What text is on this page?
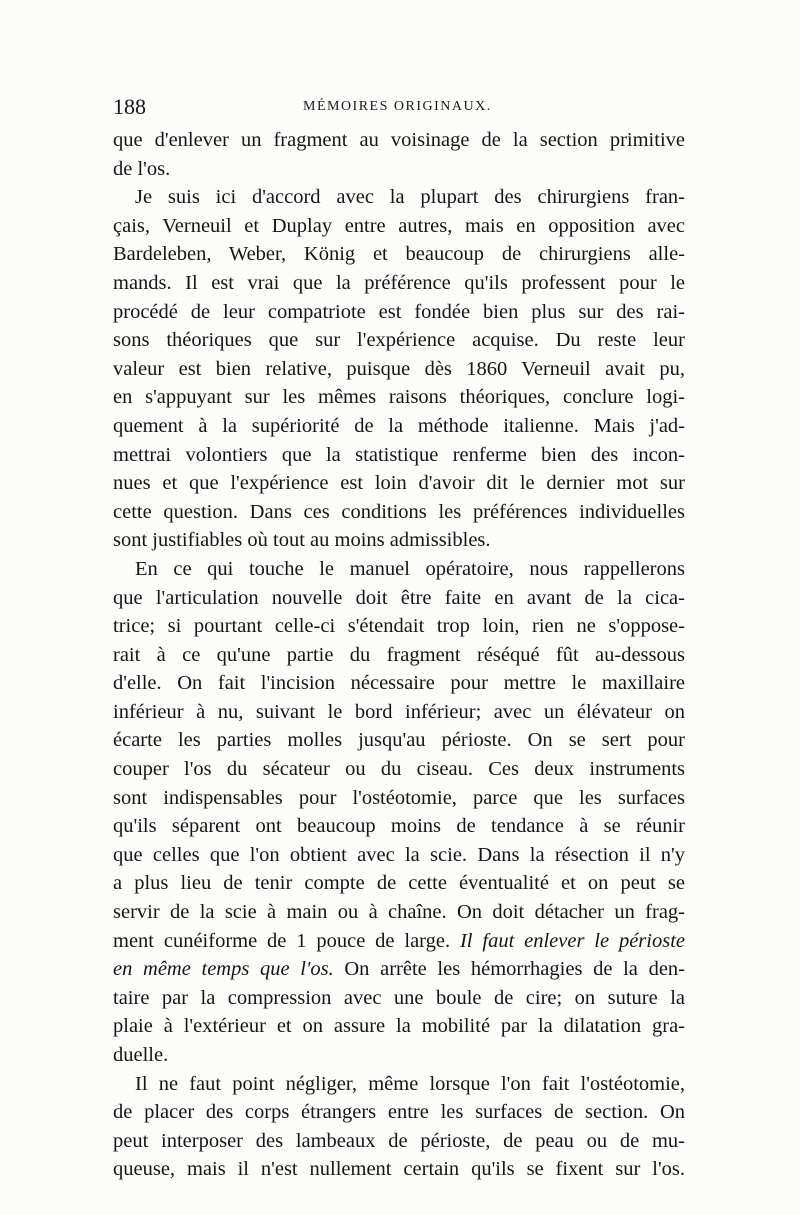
188	MÉMOIRES ORIGINAUX.
que d'enlever un fragment au voisinage de la section primitive
de l'os.
Je suis ici d'accord avec la plupart des chirurgiens fran-
çais, Verneuil et Duplay entre autres, mais en opposition avec
Bardeleben, Weber, König et beaucoup de chirurgiens alle-
mands. Il est vrai que la préférence qu'ils professent pour le
procédé de leur compatriote est fondée bien plus sur des rai-
sons théoriques que sur l'expérience acquise. Du reste leur
valeur est bien relative, puisque dès 1860 Verneuil avait pu,
en s'appuyant sur les mêmes raisons théoriques, conclure logi-
quement à la supériorité de la méthode italienne. Mais j'ad-
mettrai volontiers que la statistique renferme bien des incon-
nues et que l'expérience est loin d'avoir dit le dernier mot sur
cette question. Dans ces conditions les préférences individuelles
sont justifiables où tout au moins admissibles.
En ce qui touche le manuel opératoire, nous rappellerons
que l'articulation nouvelle doit être faite en avant de la cica-
trice; si pourtant celle-ci s'étendait trop loin, rien ne s'oppose-
rait à ce qu'une partie du fragment réséqué fût au-dessous
d'elle. On fait l'incision nécessaire pour mettre le maxillaire
inférieur à nu, suivant le bord inférieur; avec un élévateur on
écarte les parties molles jusqu'au périoste. On se sert pour
couper l'os du sécateur ou du ciseau. Ces deux instruments
sont indispensables pour l'ostéotomie, parce que les surfaces
qu'ils séparent ont beaucoup moins de tendance à se réunir
que celles que l'on obtient avec la scie. Dans la résection il n'y
a plus lieu de tenir compte de cette éventualité et on peut se
servir de la scie à main ou à chaîne. On doit détacher un frag-
ment cunéiforme de 1 pouce de large. Il faut enlever le périoste
en même temps que l'os. On arrête les hémorrhagies de la den-
taire par la compression avec une boule de cire; on suture la
plaie à l'extérieur et on assure la mobilité par la dilatation gra-
duelle.
Il ne faut point négliger, même lorsque l'on fait l'ostéotomie,
de placer des corps étrangers entre les surfaces de section. On
peut interposer des lambeaux de périoste, de peau ou de mu-
queuse, mais il n'est nullement certain qu'ils se fixent sur l'os.
